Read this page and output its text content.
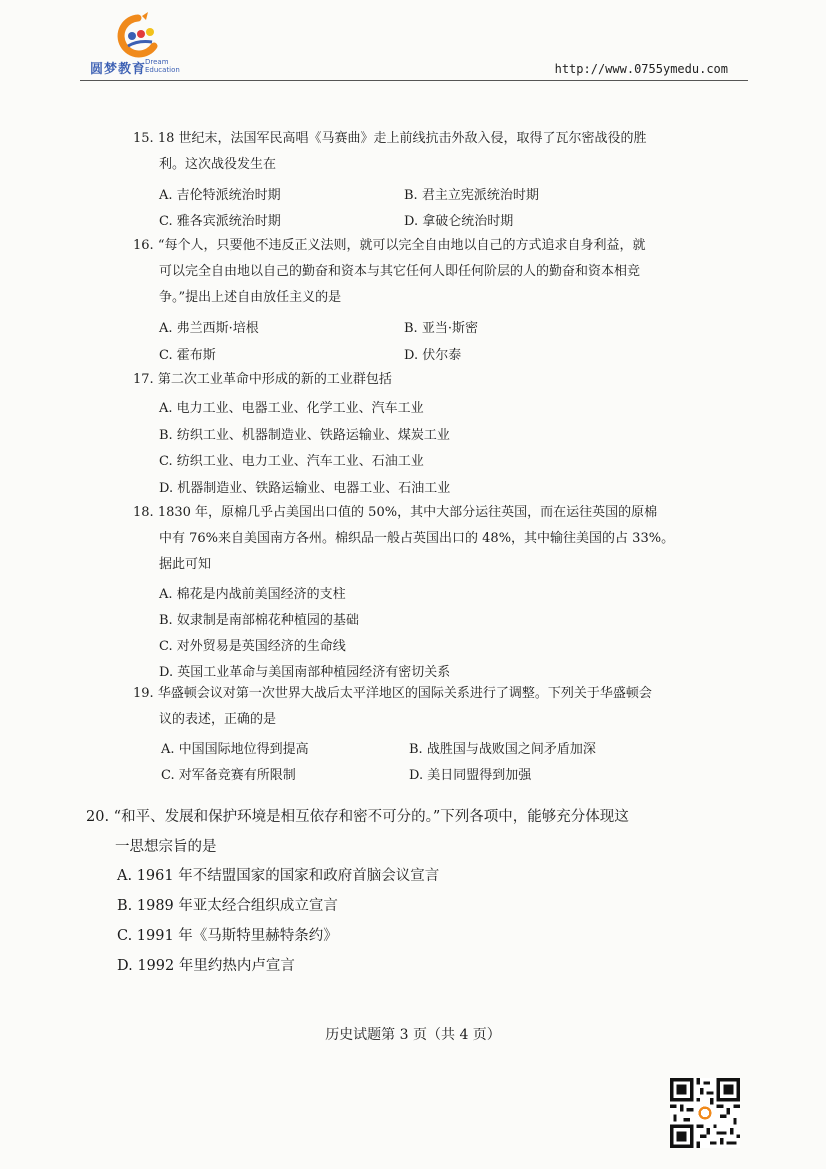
圆梦教育
Dream
Education	http://www.0755ymedu.com
15. 18 世纪末，法国军民高唱《马赛曲》走上前线抗击外敌入侵，取得了瓦尔密战役的胜
利。这次战役发生在
A. 吉伦特派统治时期	B. 君主立宪派统治时期
C. 雅各宾派统治时期	D. 拿破仑统治时期
16. “每个人，只要他不违反正义法则，就可以完全自由地以自己的方式追求自身利益，就
可以完全自由地以自己的勤奋和资本与其它任何人即任何阶层的人的勤奋和资本相竞
争。”提出上述自由放任主义的是
A. 弗兰西斯·培根	B. 亚当·斯密
C. 霍布斯	D. 伏尔泰
17. 第二次工业革命中形成的新的工业群包括
A. 电力工业、电器工业、化学工业、汽车工业
B. 纺织工业、机器制造业、铁路运输业、煤炭工业
C. 纺织工业、电力工业、汽车工业、石油工业
D. 机器制造业、铁路运输业、电器工业、石油工业
18. 1830 年，原棉几乎占美国出口值的 50%，其中大部分运往英国，而在运往英国的原棉
中有 76%来自美国南方各州。棉织品一般占英国出口的 48%，其中输往美国的占 33%。
据此可知
A. 棉花是内战前美国经济的支柱
B. 奴隶制是南部棉花种植园的基础
C. 对外贸易是英国经济的生命线
D. 英国工业革命与美国南部种植园经济有密切关系
19. 华盛顿会议对第一次世界大战后太平洋地区的国际关系进行了调整。下列关于华盛顿会
议的表述，正确的是
A. 中国国际地位得到提高	B. 战胜国与战败国之间矛盾加深
C. 对军备竞赛有所限制	D. 美日同盟得到加强
20. “和平、发展和保护环境是相互依存和密不可分的。”下列各项中，能够充分体现这
一思想宗旨的是
A. 1961 年不结盟国家的国家和政府首脑会议宣言
B. 1989 年亚太经合组织成立宣言
C. 1991 年《马斯特里赫特条约》
D. 1992 年里约热内卢宣言
历史试题第 3 页（共 4 页）
